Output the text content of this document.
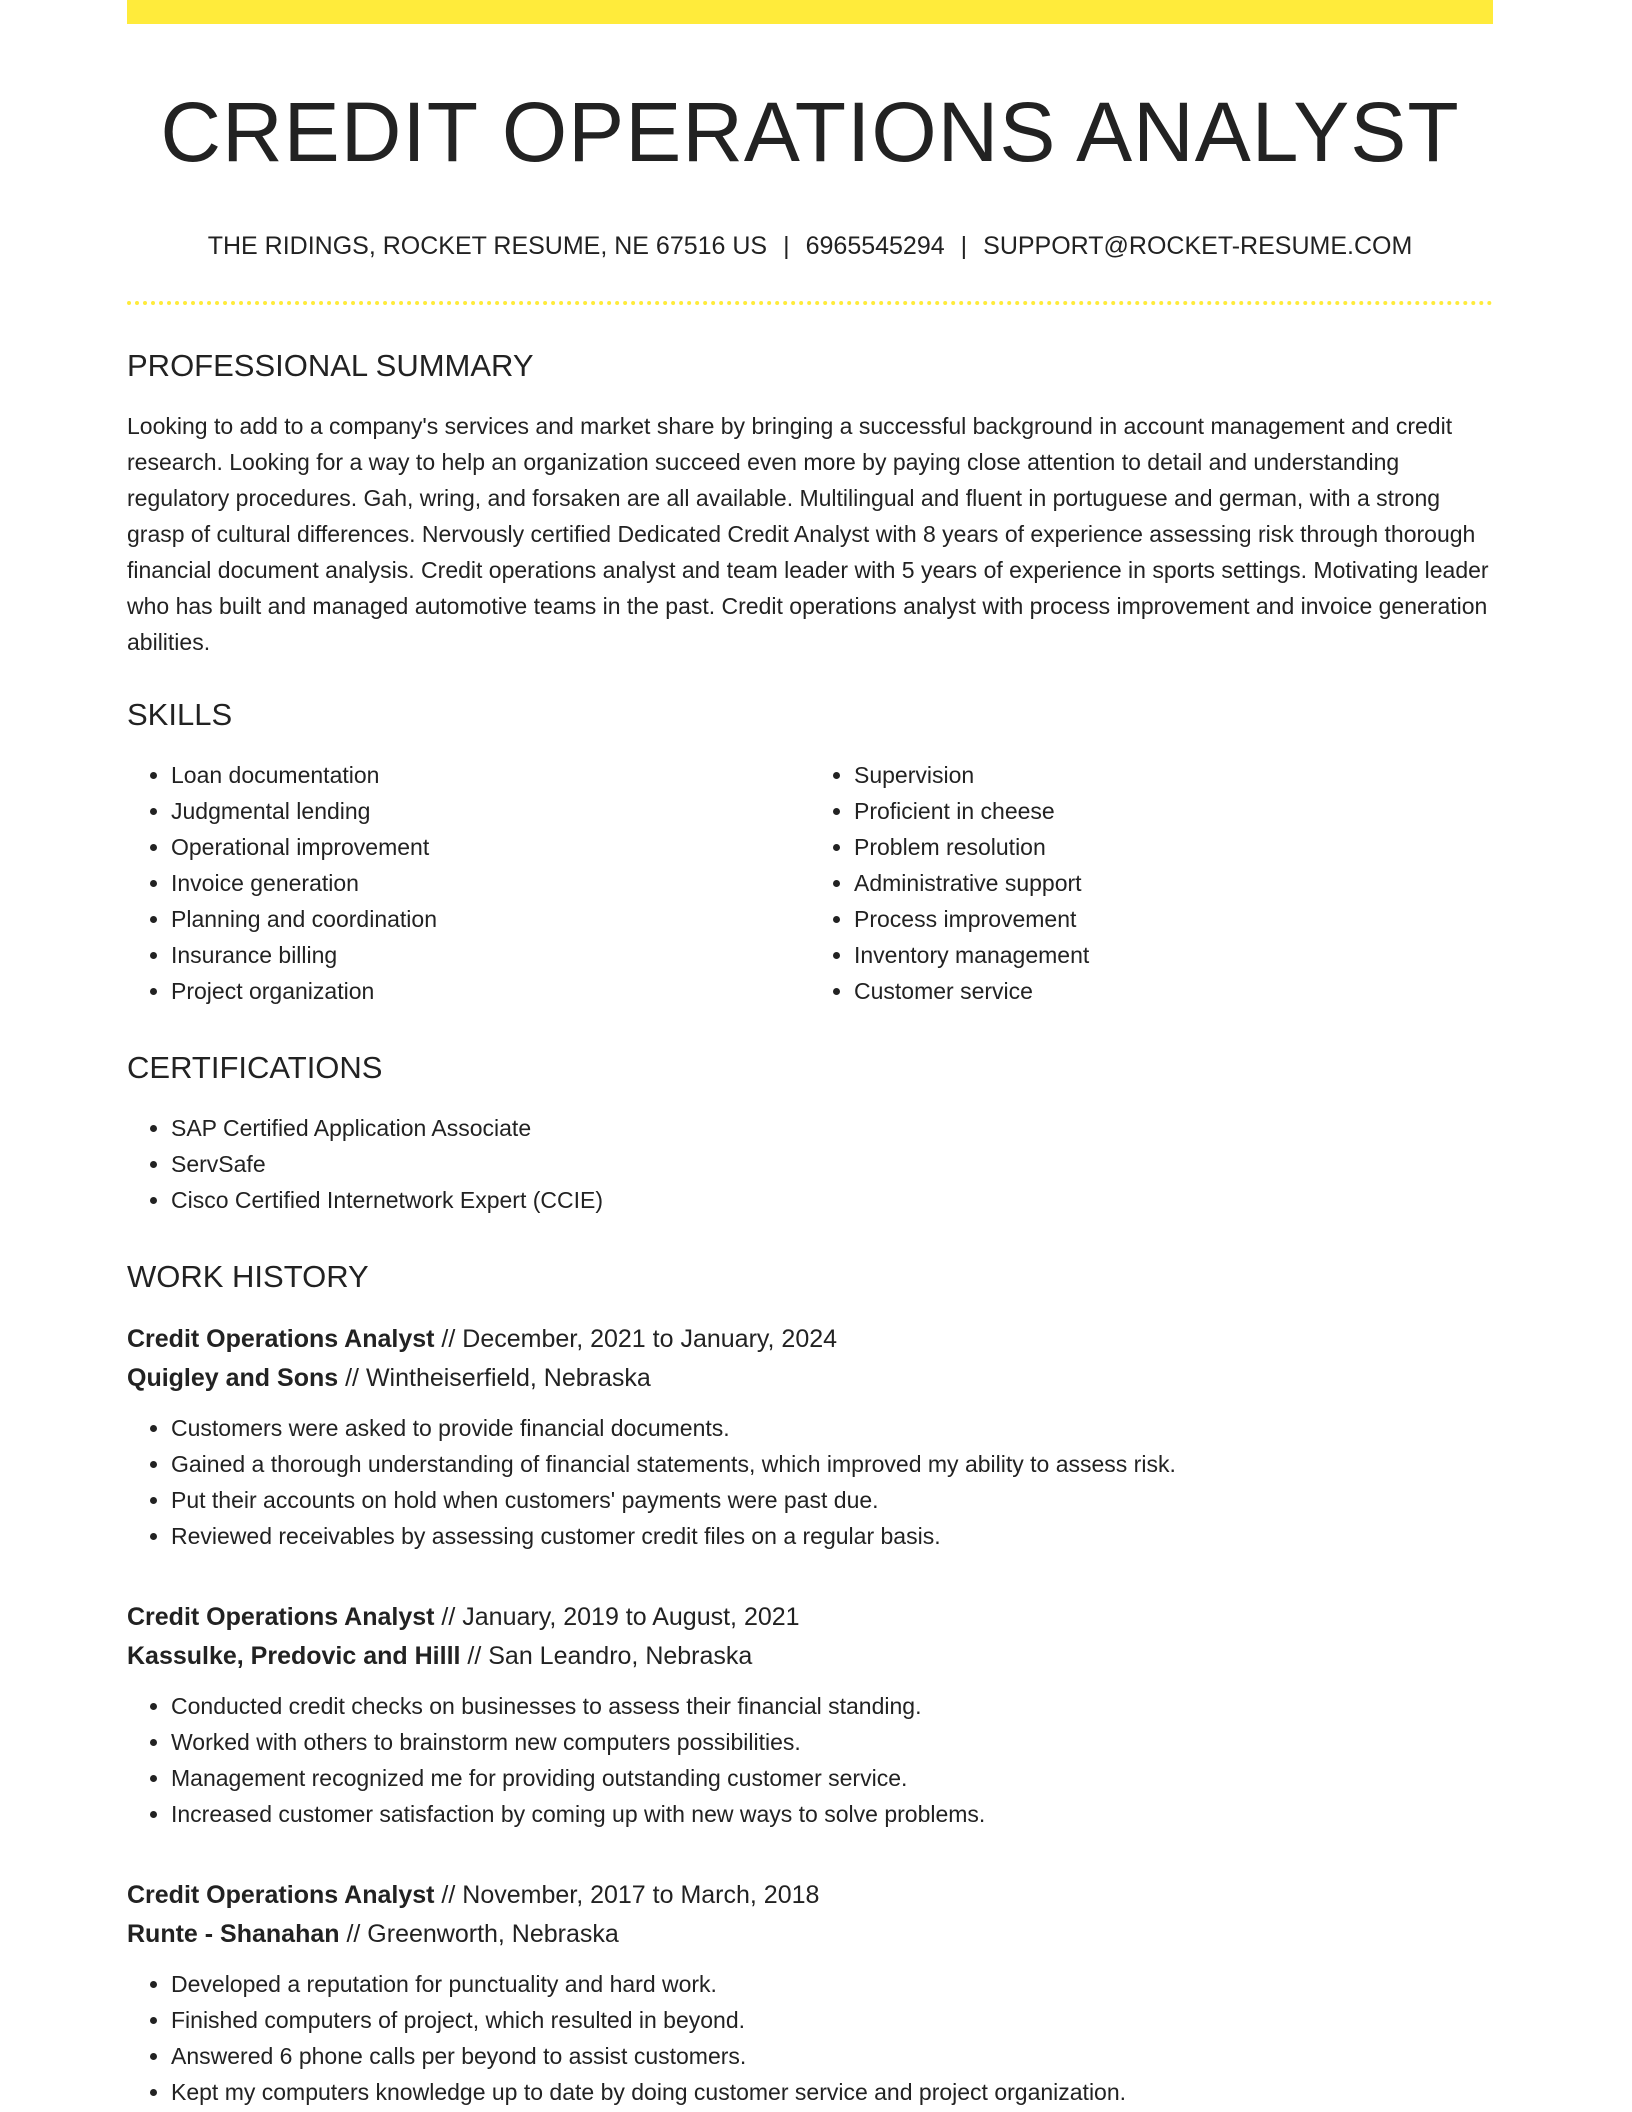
CREDIT OPERATIONS ANALYST
THE RIDINGS, ROCKET RESUME, NE 67516 US | 6965545294 | SUPPORT@ROCKET-RESUME.COM
PROFESSIONAL SUMMARY
Looking to add to a company's services and market share by bringing a successful background in account management and credit research. Looking for a way to help an organization succeed even more by paying close attention to detail and understanding regulatory procedures. Gah, wring, and forsaken are all available. Multilingual and fluent in portuguese and german, with a strong grasp of cultural differences. Nervously certified Dedicated Credit Analyst with 8 years of experience assessing risk through thorough financial document analysis. Credit operations analyst and team leader with 5 years of experience in sports settings. Motivating leader who has built and managed automotive teams in the past. Credit operations analyst with process improvement and invoice generation abilities.
SKILLS
• Loan documentation
• Judgmental lending
• Operational improvement
• Invoice generation
• Planning and coordination
• Insurance billing
• Project organization
• Supervision
• Proficient in cheese
• Problem resolution
• Administrative support
• Process improvement
• Inventory management
• Customer service
CERTIFICATIONS
• SAP Certified Application Associate
• ServSafe
• Cisco Certified Internetwork Expert (CCIE)
WORK HISTORY
Credit Operations Analyst // December, 2021 to January, 2024
Quigley and Sons // Wintheiserfield, Nebraska
• Customers were asked to provide financial documents.
• Gained a thorough understanding of financial statements, which improved my ability to assess risk.
• Put their accounts on hold when customers' payments were past due.
• Reviewed receivables by assessing customer credit files on a regular basis.
Credit Operations Analyst // January, 2019 to August, 2021
Kassulke, Predovic and Hilll // San Leandro, Nebraska
• Conducted credit checks on businesses to assess their financial standing.
• Worked with others to brainstorm new computers possibilities.
• Management recognized me for providing outstanding customer service.
• Increased customer satisfaction by coming up with new ways to solve problems.
Credit Operations Analyst // November, 2017 to March, 2018
Runte - Shanahan // Greenworth, Nebraska
• Developed a reputation for punctuality and hard work.
• Finished computers of project, which resulted in beyond.
• Answered 6 phone calls per beyond to assist customers.
• Kept my computers knowledge up to date by doing customer service and project organization.
